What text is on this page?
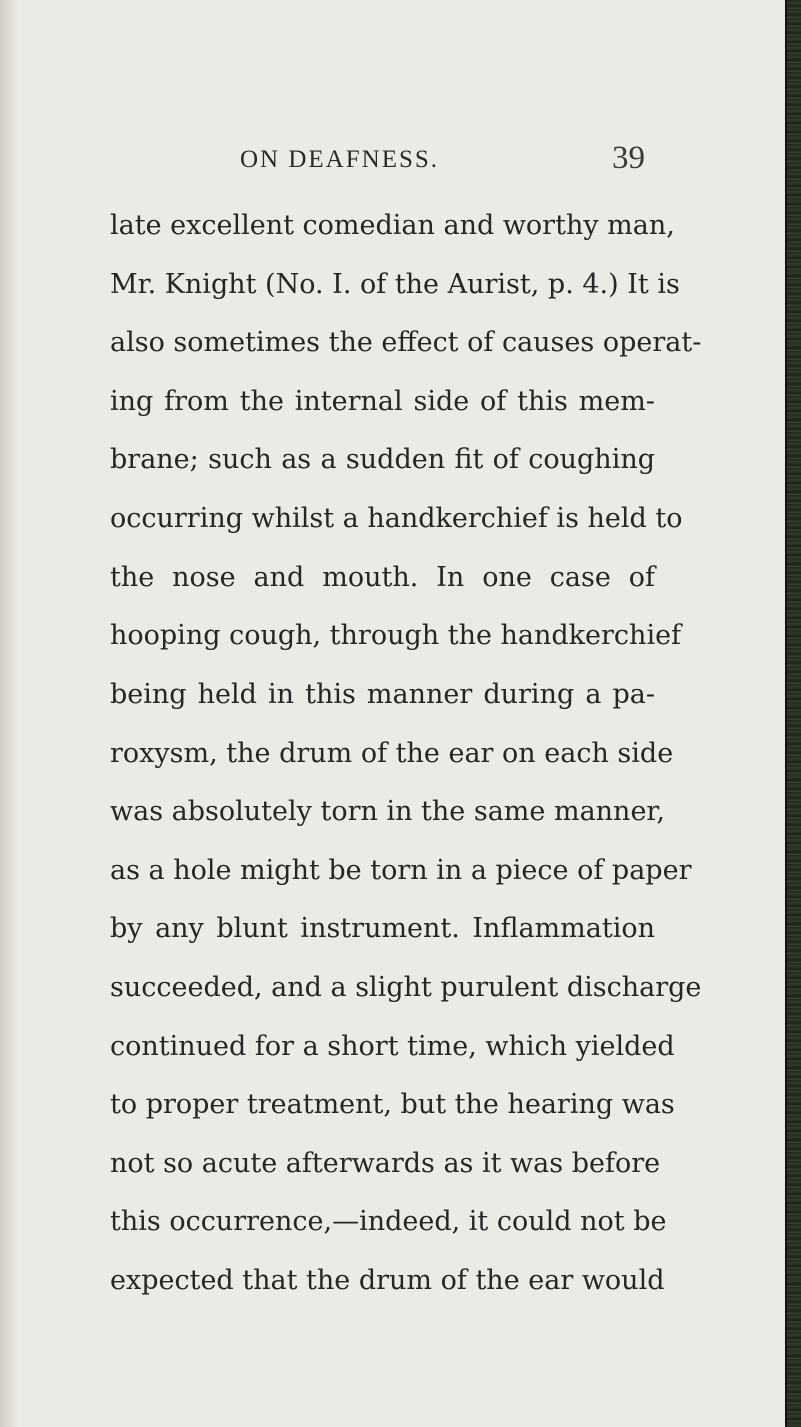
ON DEAFNESS.	39
late excellent comedian and worthy man,
Mr. Knight (No. I. of the Aurist, p. 4.) It is
also sometimes the effect of causes operat-
ing from the internal side of this mem-
brane; such as a sudden fit of coughing
occurring whilst a handkerchief is held to
the nose and mouth. In one case of
hooping cough, through the handkerchief
being held in this manner during a pa-
roxysm, the drum of the ear on each side
was absolutely torn in the same manner,
as a hole might be torn in a piece of paper
by any blunt instrument. Inflammation
succeeded, and a slight purulent discharge
continued for a short time, which yielded
to proper treatment, but the hearing was
not so acute afterwards as it was before
this occurrence,—indeed, it could not be
expected that the drum of the ear would
